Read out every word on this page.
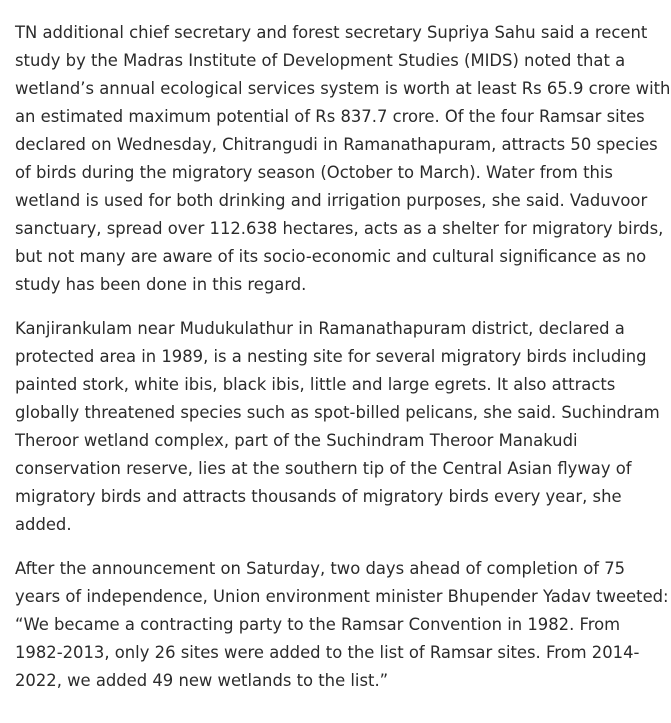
TN additional chief secretary and forest secretary Supriya Sahu said a recent
study by the Madras Institute of Development Studies (MIDS) noted that a
wetland’s annual ecological services system is worth at least Rs 65.9 crore with
an estimated maximum potential of Rs 837.7 crore. Of the four Ramsar sites
declared on Wednesday, Chitrangudi in Ramanathapuram, attracts 50 species
of birds during the migratory season (October to March). Water from this
wetland is used for both drinking and irrigation purposes, she said. Vaduvoor
sanctuary, spread over 112.638 hectares, acts as a shelter for migratory birds,
but not many are aware of its socio-economic and cultural significance as no
study has been done in this regard.

Kanjirankulam near Mudukulathur in Ramanathapuram district, declared a
protected area in 1989, is a nesting site for several migratory birds including
painted stork, white ibis, black ibis, little and large egrets. It also attracts
globally threatened species such as spot-billed pelicans, she said. Suchindram
Theroor wetland complex, part of the Suchindram Theroor Manakudi
conservation reserve, lies at the southern tip of the Central Asian flyway of
migratory birds and attracts thousands of migratory birds every year, she
added.

After the announcement on Saturday, two days ahead of completion of 75
years of independence, Union environment minister Bhupender Yadav tweeted:
“We became a contracting party to the Ramsar Convention in 1982. From
1982-2013, only 26 sites were added to the list of Ramsar sites. From 2014-
2022, we added 49 new wetlands to the list.”
